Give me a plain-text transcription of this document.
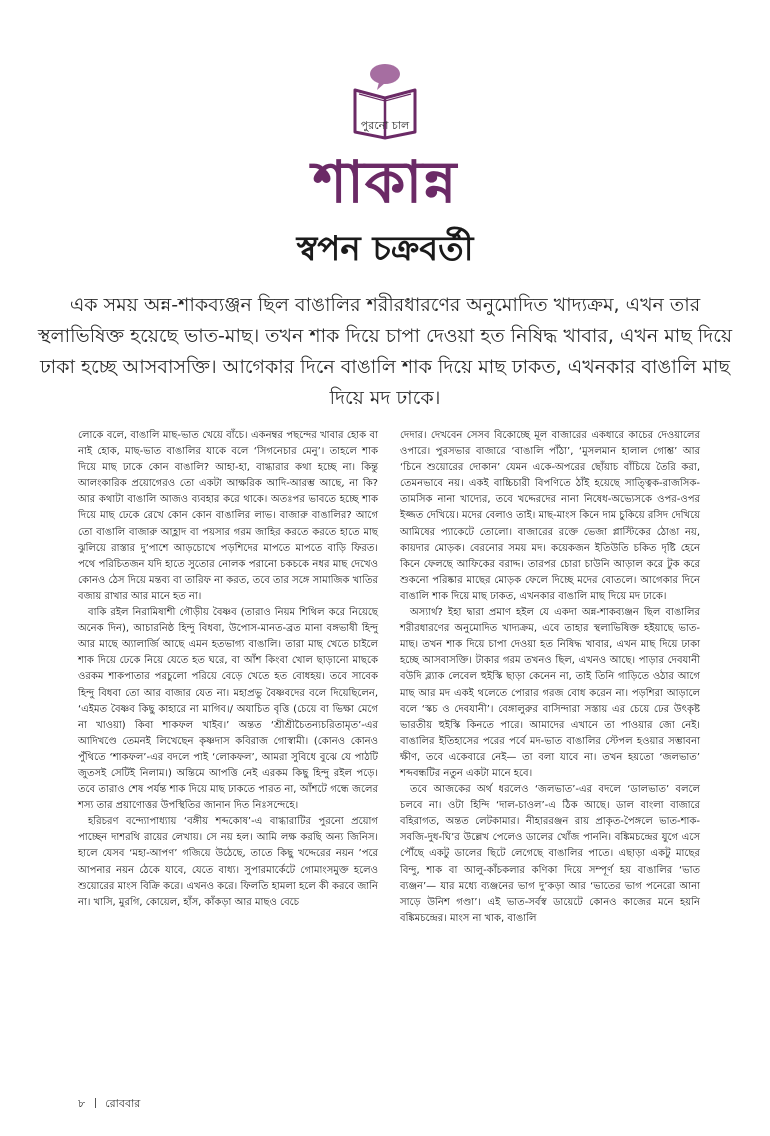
পুরনো চাল
শাকান্ন
স্বপন চক্রবর্তী
এক সময় অন্ন-শাকব্যঞ্জন ছিল বাঙালির শরীরধারণের অনুমোদিত খাদ্যক্রম, এখন তার স্থলাভিষিক্ত হয়েছে ভাত-মাছ। তখন শাক দিয়ে চাপা দেওয়া হত নিষিদ্ধ খাবার, এখন মাছ দিয়ে ঢাকা হচ্ছে আসবাসক্তি। আগেকার দিনে বাঙালি শাক দিয়ে মাছ ঢাকত, এখনকার বাঙালি মাছ দিয়ে মদ ঢাকে।

লোকে বলে, বাঙালি মাছ-ভাত খেয়ে বাঁচে। একনম্বর পছন্দের খাবার হোক বা নাই হোক, মাছ-ভাত বাঙালির যাকে বলে ‘সিগনেচার মেনু’। তাহলে শাক দিয়ে মাছ ঢাকে কোন বাঙালি? আহা-হা, বাগ্ধারার কথা হচ্ছে না। কিন্তু আলংকারিক প্রয়োগেরও তো একটা আক্ষরিক আদি-আরম্ভ আছে, না কি? আর কথাটা বাঙালি আজও ব্যবহার করে থাকে। অতঃপর ভাবতে হচ্ছে শাক দিয়ে মাছ ঢেকে রেখে কোন কোন বাঙালির লাভ। বাজারু বাঙালির? আগে তো বাঙালি বাজারু আহ্লাদ বা পয়সার গরম জাহির করতে করতে হাতে মাছ ঝুলিয়ে রাস্তার দু’পাশে আড়চোখে পড়শিদের মাপতে মাপতে বাড়ি ফিরত। পথে পরিচিতজন যদি হাতে সুতোর নোলক পরানো চকচকে নধর মাছ দেখেও কোনও ঠেস দিয়ে মন্তব্য বা তারিফ না করত, তবে তার সঙ্গে সামাজিক খাতির বজায় রাখার আর মানে হত না।

বাকি রইল নিরামিষাশী গৌড়ীয় বৈষ্ণব (তারাও নিয়ম শিথিল করে নিয়েছে অনেক দিন), আচারনিষ্ঠ হিন্দু বিধবা, উপোস-মানত-ব্রত মানা বঙ্গভাষী হিন্দু আর মাছে অ্যালার্জি আছে এমন হতভাগ্য বাঙালি। তারা মাছ খেতে চাইলে শাক দিয়ে ঢেকে নিয়ে যেতে হত ঘরে, বা আঁশ কিংবা খোল ছাড়ানো মাছকে ওরকম শাকপাতার পরচুলো পরিয়ে বেড়ে খেতে হত বোধহয়। তবে সাবেক হিন্দু বিধবা তো আর বাজার যেত না। মহাপ্রভু বৈষ্ণবদের বলে দিয়েছিলেন, ‘এইমত বৈষ্ণব কিছু কাহারে না মাগিব।/ অযাচিত বৃত্তি (চেয়ে বা ভিক্ষা মেগে না খাওয়া) কিবা শাকফল খাইব।’ অন্তত ‘শ্রীশ্রীচৈতন্যচরিতামৃত’-এর আদিখণ্ডে তেমনই লিখেছেন কৃষ্ণদাস কবিরাজ গোস্বামী। (কোনও কোনও পুঁথিতে ‘শাকফল’-এর বদলে পাই ‘লোকফল’, আমরা সুবিধে বুঝে যে পাঠটি জুতসই সেটিই নিলাম।) অন্তিমে আপত্তি নেই এরকম কিছু হিন্দু রইল পড়ে। তবে তারাও শেষ পর্যন্ত শাক দিয়ে মাছ ঢাকতে পারত না, আঁশটে গন্ধে জলের শস্য তার প্রয়াণোত্তর উপস্থিতির জানান দিত নিঃসন্দেহে।

হরিচরণ বন্দ্যোপাধ্যায় ‘বঙ্গীয় শব্দকোষ’-এ বাগ্ধারাটির পুরনো প্রয়োগ পাচ্ছেন দাশরথি রায়ের লেখায়। সে নয় হল। আমি লক্ষ করছি অন্য জিনিস। হালে যেসব ‘মহা-আপণ’ গজিয়ে উঠেছে, তাতে কিছু খদ্দেরের নয়ন ’পরে আপনার নয়ন ঠেকে যাবে, যেতে বাধ্য। সুপারমার্কেটে গোমাংসমুক্ত হলেও শুয়োরের মাংস বিক্রি করে। এখনও করে। ফিলতি হামলা হলে কী করবে জানি না। খাসি, মুরগি, কোয়েল, হাঁস, কাঁকড়া আর মাছও বেচে

দেদার। দেখবেন সেসব বিকোচ্ছে মূল বাজারের একধারে কাচের দেওয়ালের ওপারে। পুরসভার বাজারে ‘বাঙালি পাঁঠা’, ‘মুসলমান হালাল গোশ্ত’ আর ‘চিনে শুয়োরের দোকান’ যেমন একে-অপরের ছোঁয়াচ বাঁচিয়ে তৈরি করা, তেমনভাবে নয়। একই বাচ্চিচারী বিপণিতে ঠাঁই হয়েছে সাত্ত্বিক-রাজসিক-তামসিক নানা খাদ্যের, তবে খদ্দেরদের নানা নিষেধ-অভ্যেসকে ওপর-ওপর ইজ্জত দেখিয়ে। মদের বেলাও তাই। মাছ-মাংস কিনে দাম চুকিয়ে রসিদ দেখিয়ে আমিষের প্যাকেটে তোলো। বাজারের রক্তে ভেজা প্লাস্টিকের ঠোঙা নয়, কায়দার মোড়ক। বেরনোর সময় মদ। কয়েকজন ইতিউতি চকিত দৃষ্টি হেনে কিনে ফেলছে আফিকের বরাদ্দ। তারপর চোরা চাউনি আড়াল করে টুক করে শুকনো পরিষ্কার মাছের মোড়ক ফেলে দিচ্ছে মদের বোতলে। আগেকার দিনে বাঙালি শাক দিয়ে মাছ ঢাকত, এখনকার বাঙালি মাছ দিয়ে মদ ঢাকে।

অস্যার্থ? ইহা দ্বারা প্রমাণ হইল যে একদা অন্ন-শাকব্যঞ্জন ছিল বাঙালির শরীরধারণের অনুমোদিত খাদ্যক্রম, এবে তাহার স্থলাভিষিক্ত হইয়াছে ভাত-মাছ। তখন শাক দিয়ে চাপা দেওয়া হত নিষিদ্ধ খাবার, এখন মাছ দিয়ে ঢাকা হচ্ছে আসবাসক্তি। টাকার গরম তখনও ছিল, এখনও আছে। পাড়ার দেবযানী বউদি ব্ল্যাক লেবেল হুইস্কি ছাড়া কেনেন না, তাই তিনি গাড়িতে ওঠার আগে মাছ আর মদ একই থলেতে পোরার গরজ বোধ করেন না। পড়শিরা আড়ালে বলে ‘স্কচ ও দেবযানী’। বেঙ্গালুরুর বাসিন্দারা সস্তায় এর চেয়ে ঢের উৎকৃষ্ট ভারতীয় হুইস্কি কিনতে পারে। আমাদের এখানে তা পাওয়ার জো নেই। বাঙালির ইতিহাসের পরের পর্বে মদ-ভাত বাঙালির স্টেপল হওয়ার সম্ভাবনা ক্ষীণ, তবে একেবারে নেই— তা বলা যাবে না। তখন হয়তো ‘জলভাত’ শব্দবন্ধটির নতুন একটা মানে হবে।

তবে আজকের অর্থ ধরলেও ‘জলভাত’-এর বদলে ‘ডালভাত’ বললে চলবে না। ওটা হিন্দি ‘দাল-চাওল’-এ ঠিক আছে। ডাল বাংলা বাজারে বহিরাগত, অন্তত লেটকামার। নীহাররঞ্জন রায় প্রাকৃত-পৈঙ্গলে ভাত-শাক-সবজি-দুধ-ঘি’র উল্লেখ পেলেও ডালের খোঁজ পাননি। বঙ্কিমচন্দ্রের যুগে এসে পৌঁছে একটু ডালের ছিটে লেগেছে বাঙালির পাতে। এছাড়া একটু মাছের বিন্দু, শাক বা আলু-কাঁচকলার কণিকা দিয়ে সম্পূর্ণ হয় বাঙালির ‘ভাত ব্যঞ্জন’— যার মধ্যে ব্যঞ্জনের ভাগ দু’কড়া আর ‘ভাতের ভাগ পনেরো আনা সাড়ে উনিশ গণ্ডা’। এই ভাত-সর্বস্ব ডায়েটে কোনও কাজের মনে হয়নি বঙ্কিমচন্দ্রের। মাংস না খাক, বাঙালি

৮ রোববার
